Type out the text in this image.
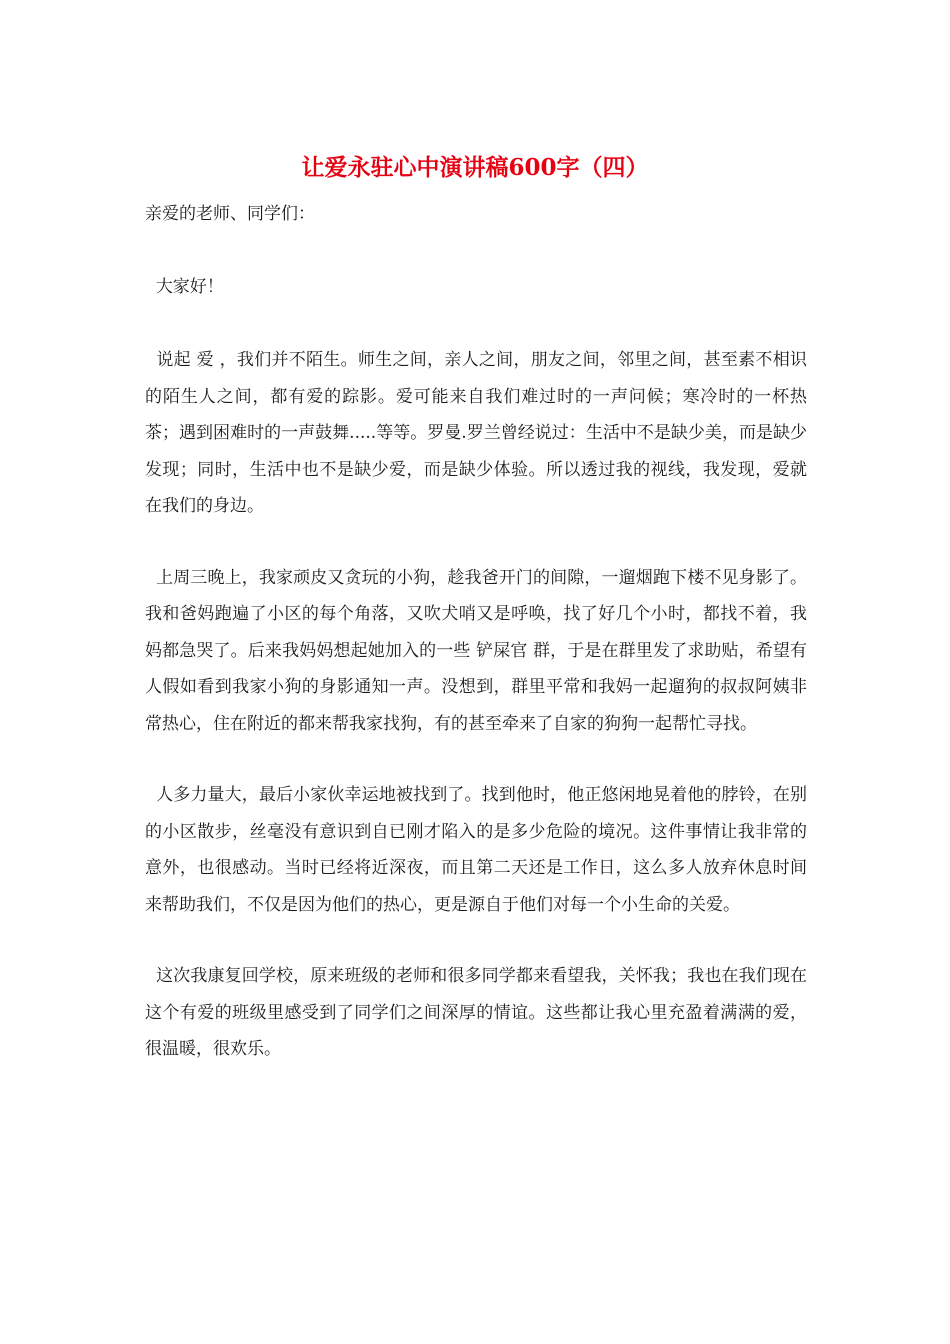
让爱永驻心中演讲稿600字（四）

亲爱的老师、同学们：

大家好！

说起 爱 ，我们并不陌生。师生之间，亲人之间，朋友之间，邻里之间，甚至素不相识的陌生人之间，都有爱的踪影。爱可能来自我们难过时的一声问候；寒冷时的一杯热茶；遇到困难时的一声鼓舞.....等等。罗曼.罗兰曾经说过：生活中不是缺少美，而是缺少发现；同时，生活中也不是缺少爱，而是缺少体验。所以透过我的视线，我发现，爱就在我们的身边。

上周三晚上，我家顽皮又贪玩的小狗，趁我爸开门的间隙，一遛烟跑下楼不见身影了。我和爸妈跑遍了小区的每个角落，又吹犬哨又是呼唤，找了好几个小时，都找不着，我妈都急哭了。后来我妈妈想起她加入的一些 铲屎官 群，于是在群里发了求助贴，希望有人假如看到我家小狗的身影通知一声。没想到，群里平常和我妈一起遛狗的叔叔阿姨非常热心，住在附近的都来帮我家找狗，有的甚至牵来了自家的狗狗一起帮忙寻找。

人多力量大，最后小家伙幸运地被找到了。找到他时，他正悠闲地晃着他的脖铃，在别的小区散步，丝毫没有意识到自已刚才陷入的是多少危险的境况。这件事情让我非常的意外，也很感动。当时已经将近深夜，而且第二天还是工作日，这么多人放弃休息时间来帮助我们，不仅是因为他们的热心，更是源自于他们对每一个小生命的关爱。

这次我康复回学校，原来班级的老师和很多同学都来看望我，关怀我；我也在我们现在这个有爱的班级里感受到了同学们之间深厚的情谊。这些都让我心里充盈着满满的爱，很温暖，很欢乐。
